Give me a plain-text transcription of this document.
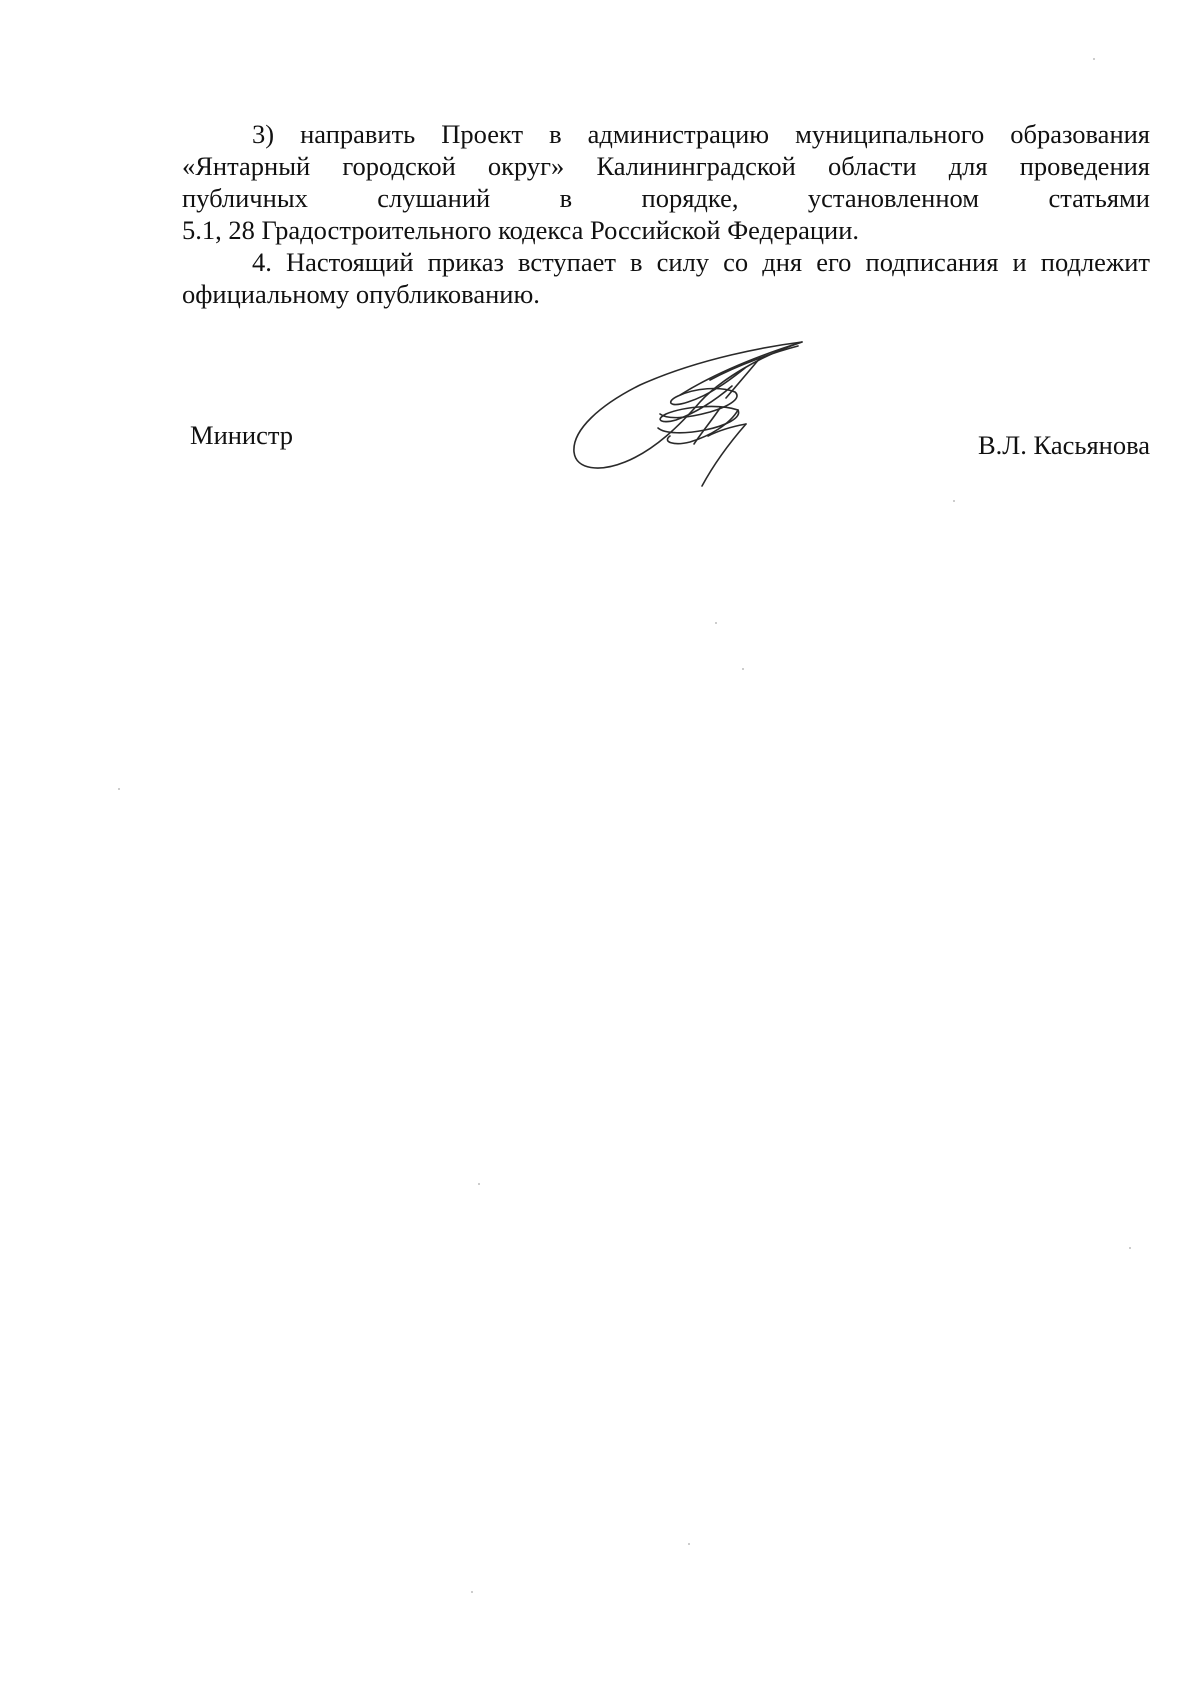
3) направить Проект в администрацию муниципального образования
«Янтарный городской округ» Калининградской области для проведения
публичных слушаний в порядке, установленном статьями
5.1, 28 Градостроительного кодекса Российской Федерации.

4. Настоящий приказ вступает в силу со дня его подписания и подлежит
официальному опубликованию.

Министр	В.Л. Касьянова
